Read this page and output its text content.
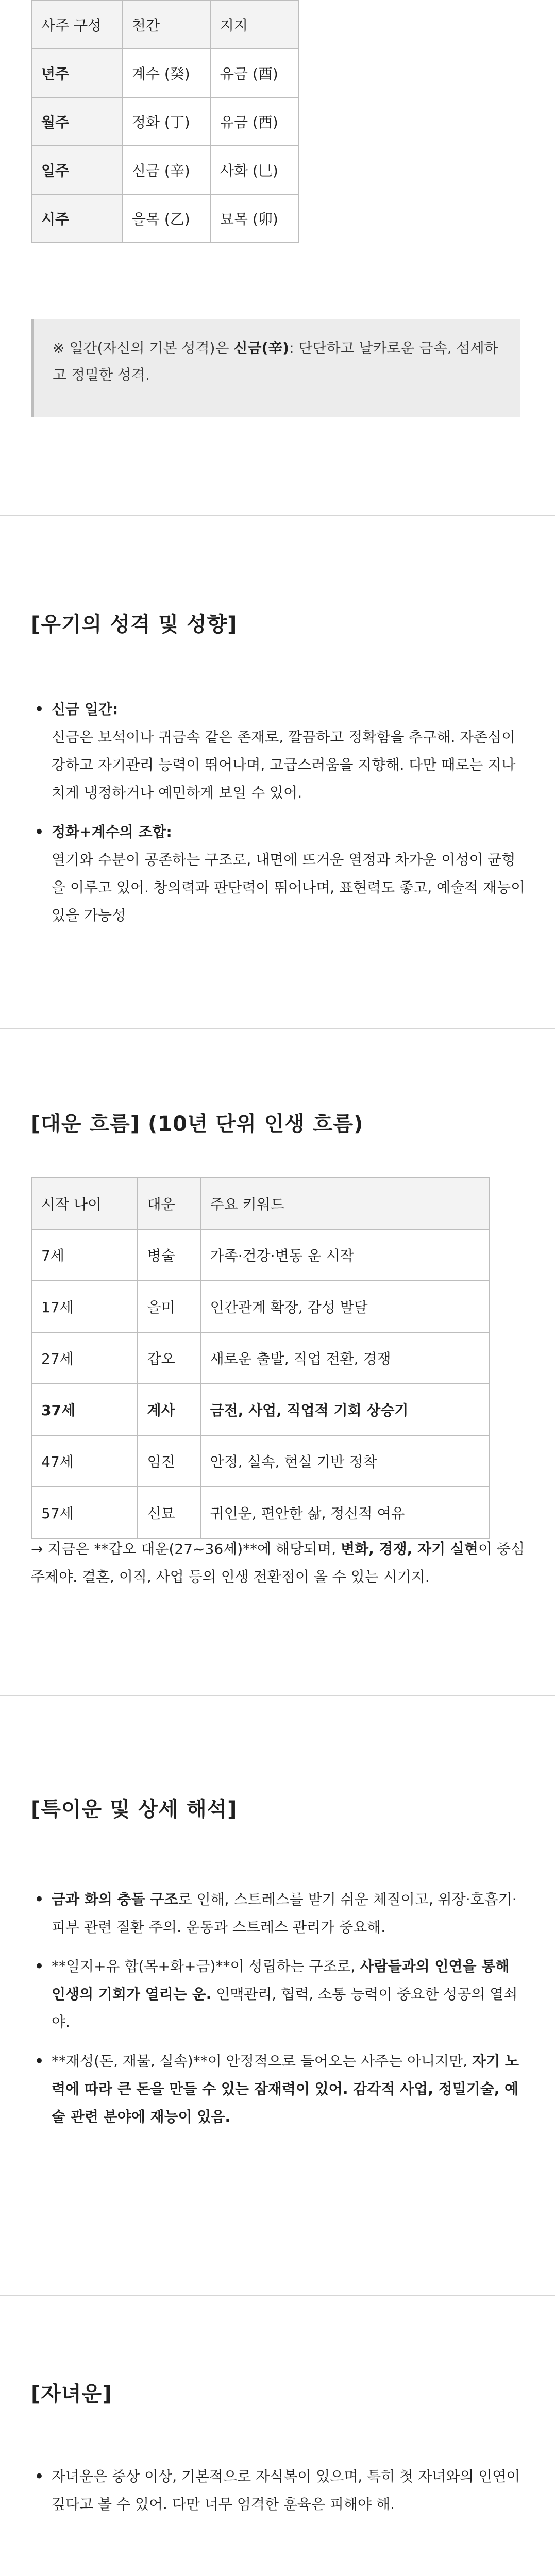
사주 구성	천간	지지
년주	계수 (癸)	유금 (酉)
월주	정화 (丁)	유금 (酉)
일주	신금 (辛)	사화 (巳)
시주	을목 (乙)	묘목 (卯)
※ 일간(자신의 기본 성격)은 신금(辛): 단단하고 날카로운 금속, 섬세하고 정밀한 성격.
[우기의 성격 및 성향]
• 신금 일간:
신금은 보석이나 귀금속 같은 존재로, 깔끔하고 정확함을 추구해. 자존심이 강하고 자기관리 능력이 뛰어나며, 고급스러움을 지향해. 다만 때로는 지나치게 냉정하거나 예민하게 보일 수 있어.
• 정화+계수의 조합:
열기와 수분이 공존하는 구조로, 내면에 뜨거운 열정과 차가운 이성이 균형을 이루고 있어. 창의력과 판단력이 뛰어나며, 표현력도 좋고, 예술적 재능이 있을 가능성
[대운 흐름] (10년 단위 인생 흐름)
시작 나이	대운	주요 키워드
7세	병술	가족·건강·변동 운 시작
17세	을미	인간관계 확장, 감성 발달
27세	갑오	새로운 출발, 직업 전환, 경쟁
37세	계사	금전, 사업, 직업적 기회 상승기
47세	임진	안정, 실속, 현실 기반 정착
57세	신묘	귀인운, 편안한 삶, 정신적 여유

→ 지금은 **갑오 대운(27~36세)**에 해당되며, 변화, 경쟁, 자기 실현이 중심 주제야. 결혼, 이직, 사업 등의 인생 전환점이 올 수 있는 시기지.

[특이운 및 상세 해석]
• 금과 화의 충돌 구조로 인해, 스트레스를 받기 쉬운 체질이고, 위장·호흡기·피부 관련 질환 주의. 운동과 스트레스 관리가 중요해.
• **일지+유 합(목+화+금)**이 성립하는 구조로, 사람들과의 인연을 통해 인생의 기회가 열리는 운. 인맥관리, 협력, 소통 능력이 중요한 성공의 열쇠야.
• **재성(돈, 재물, 실속)**이 안정적으로 들어오는 사주는 아니지만, 자기 노력에 따라 큰 돈을 만들 수 있는 잠재력이 있어. 감각적 사업, 정밀기술, 예술 관련 분야에 재능이 있음.
[자녀운]
• 자녀운은 중상 이상, 기본적으로 자식복이 있으며, 특히 첫 자녀와의 인연이 깊다고 볼 수 있어. 다만 너무 엄격한 훈육은 피해야 해.
